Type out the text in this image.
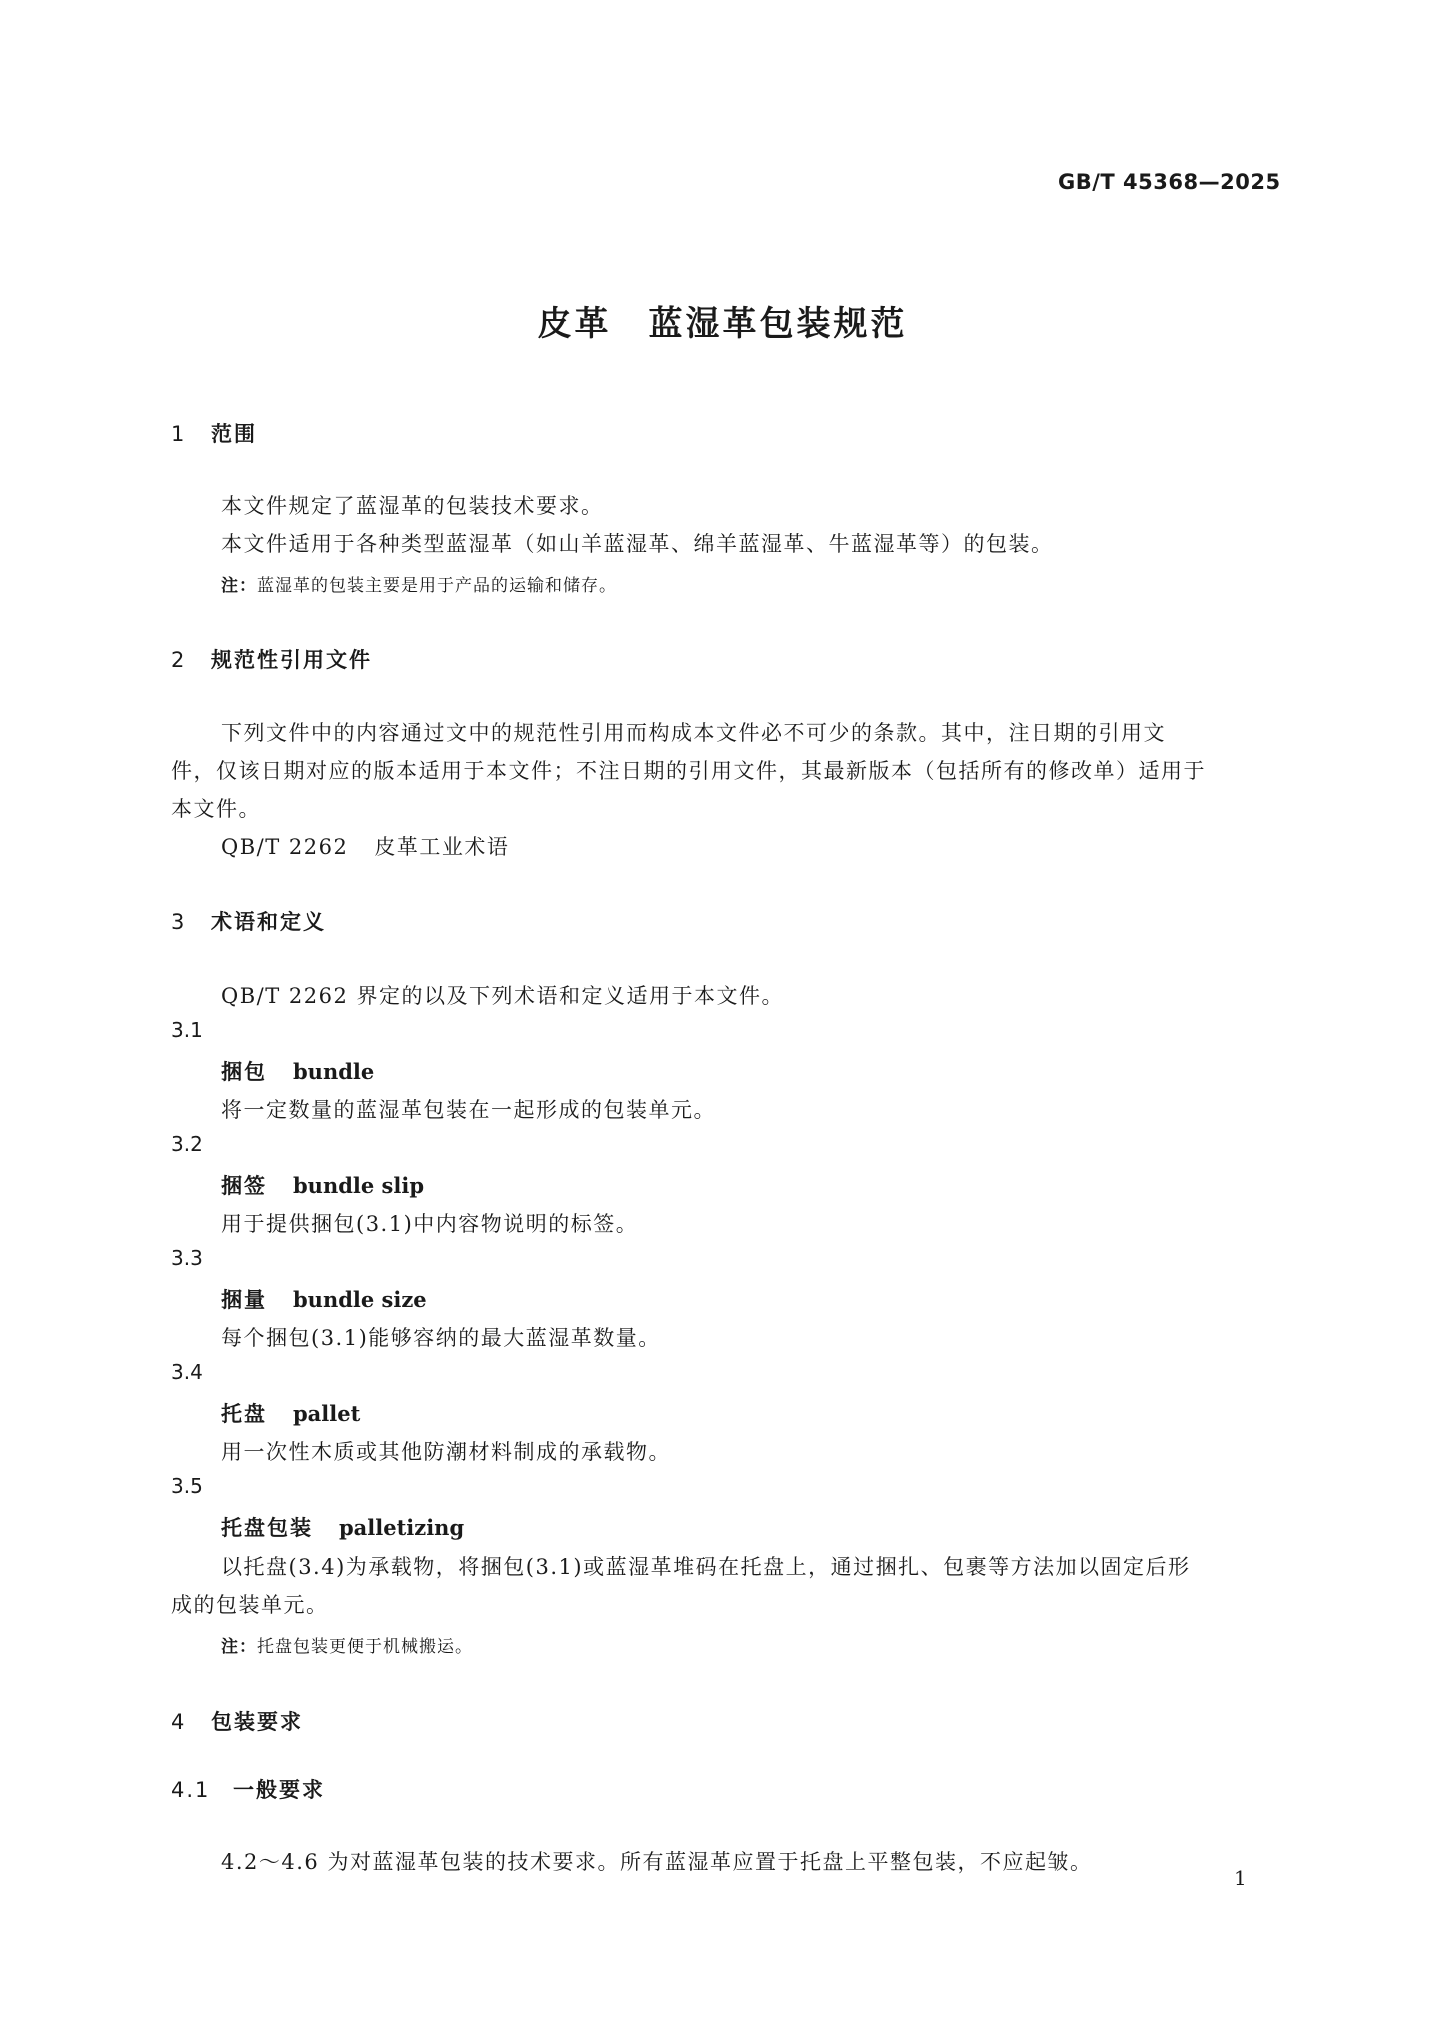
GB/T 45368—2025
皮革　蓝湿革包装规范
1 范围
本文件规定了蓝湿革的包装技术要求。
本文件适用于各种类型蓝湿革（如山羊蓝湿革、绵羊蓝湿革、牛蓝湿革等）的包装。
注：蓝湿革的包装主要是用于产品的运输和储存。
2 规范性引用文件
下列文件中的内容通过文中的规范性引用而构成本文件必不可少的条款。其中，注日期的引用文
件，仅该日期对应的版本适用于本文件；不注日期的引用文件，其最新版本（包括所有的修改单）适用于
本文件。
QB/T 2262 皮革工业术语
3 术语和定义
QB/T 2262 界定的以及下列术语和定义适用于本文件。
3.1
捆包 bundle
将一定数量的蓝湿革包装在一起形成的包装单元。
3.2
捆签 bundle slip
用于提供捆包(3.1)中内容物说明的标签。
3.3
捆量 bundle size
每个捆包(3.1)能够容纳的最大蓝湿革数量。
3.4
托盘 pallet
用一次性木质或其他防潮材料制成的承载物。
3.5
托盘包装 palletizing
以托盘(3.4)为承载物，将捆包(3.1)或蓝湿革堆码在托盘上，通过捆扎、包裹等方法加以固定后形
成的包装单元。
注：托盘包装更便于机械搬运。
4 包装要求
4.1 一般要求
4.2～4.6 为对蓝湿革包装的技术要求。所有蓝湿革应置于托盘上平整包装，不应起皱。
1
